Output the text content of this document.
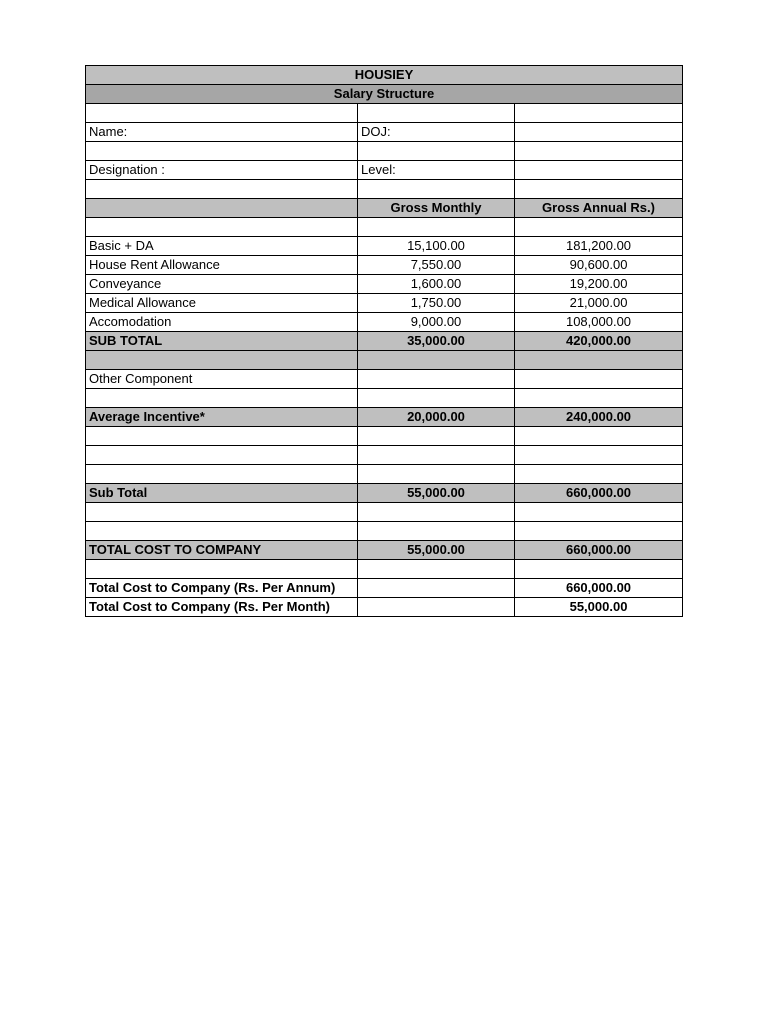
HOUSIEY		
Salary Structure		

Name:	DOJ:	

Designation :	Level:	

	Gross Monthly	Gross Annual Rs.)

Basic + DA	15,100.00	181,200.00
House Rent Allowance	7,550.00	90,600.00
Conveyance	1,600.00	19,200.00
Medical Allowance	1,750.00	21,000.00
Accomodation	9,000.00	108,000.00
SUB TOTAL	35,000.00	420,000.00

Other Component		

Average Incentive*	20,000.00	240,000.00

Sub Total	55,000.00	660,000.00

TOTAL COST TO COMPANY	55,000.00	660,000.00

Total Cost to Company (Rs. Per Annum)		660,000.00
Total Cost to Company (Rs. Per Month)		55,000.00
